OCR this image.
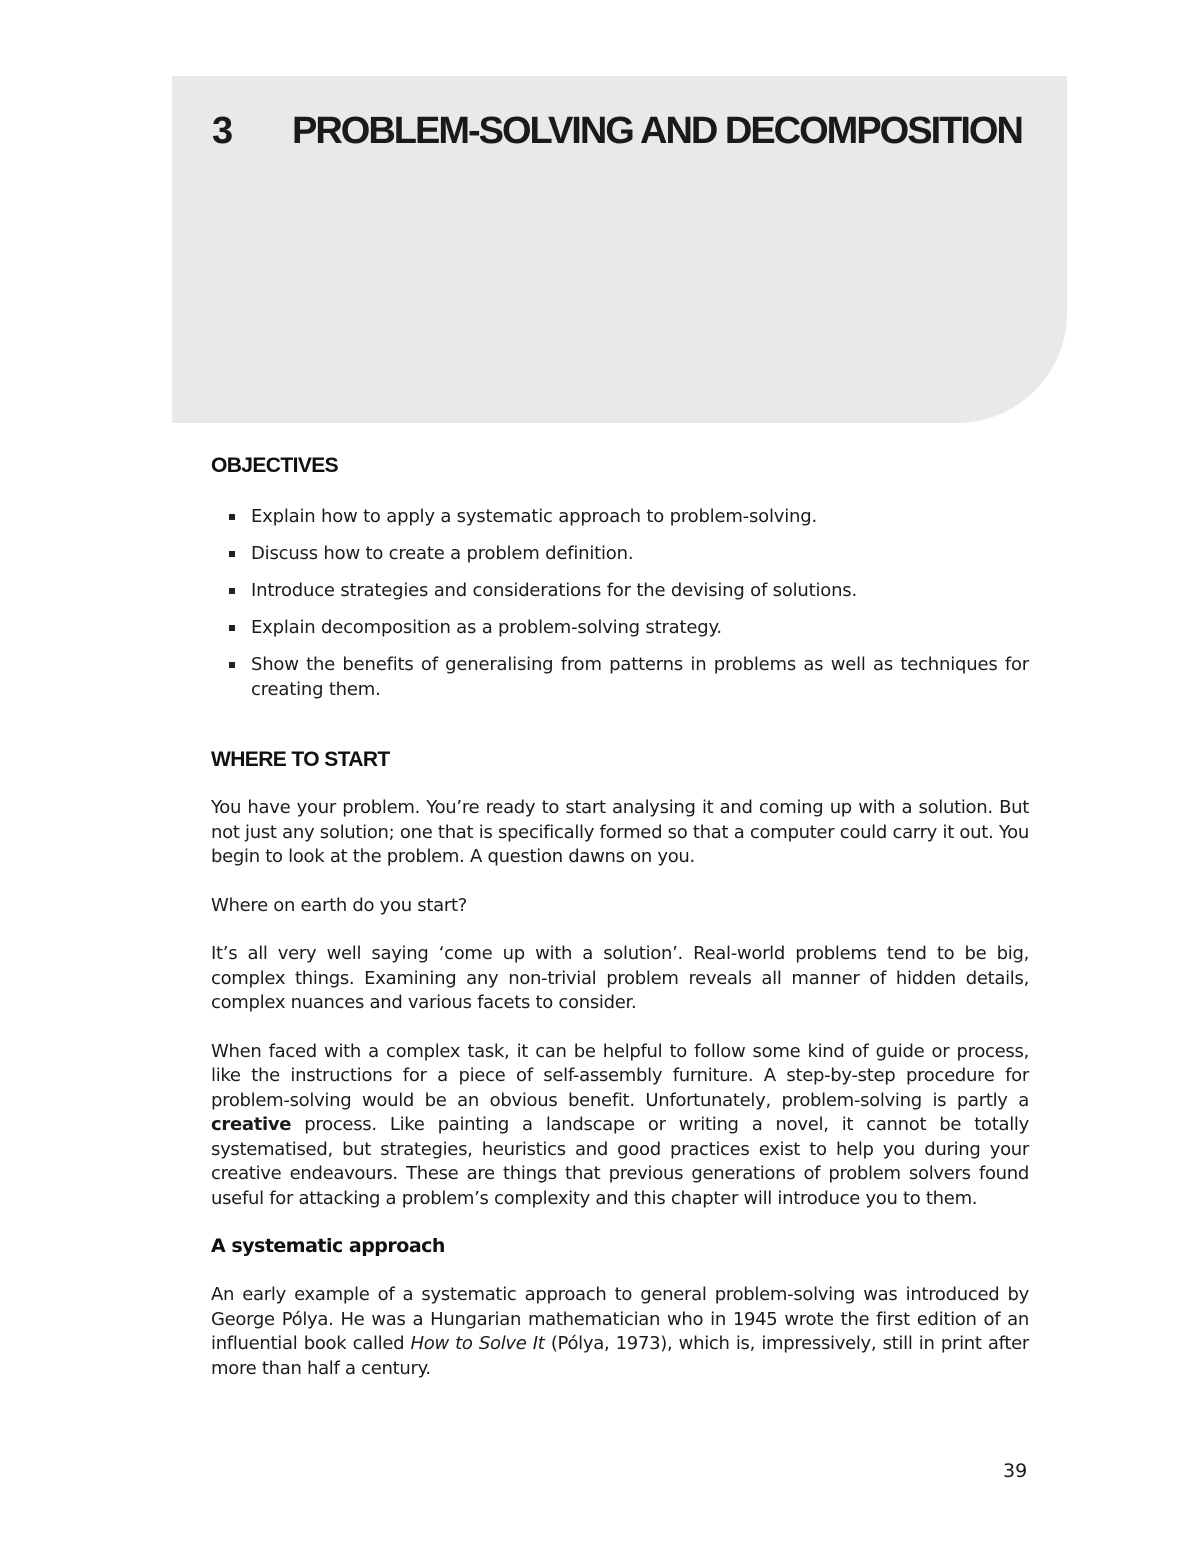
3 PROBLEM-SOLVING AND DECOMPOSITION
OBJECTIVES
Explain how to apply a systematic approach to problem-solving.
Discuss how to create a problem definition.
Introduce strategies and considerations for the devising of solutions.
Explain decomposition as a problem-solving strategy.
Show the benefits of generalising from patterns in problems as well as techniques for creating them.
WHERE TO START

You have your problem. You’re ready to start analysing it and coming up with a solution. But not just any solution; one that is specifically formed so that a computer could carry it out. You begin to look at the problem. A question dawns on you.

Where on earth do you start?

It’s all very well saying ‘come up with a solution’. Real-world problems tend to be big, complex things. Examining any non-trivial problem reveals all manner of hidden details, complex nuances and various facets to consider.

When faced with a complex task, it can be helpful to follow some kind of guide or process, like the instructions for a piece of self-assembly furniture. A step-by-step procedure for problem-solving would be an obvious benefit. Unfortunately, problem-solving is partly a creative process. Like painting a landscape or writing a novel, it cannot be totally systematised, but strategies, heuristics and good practices exist to help you during your creative endeavours. These are things that previous generations of problem solvers found useful for attacking a problem’s complexity and this chapter will introduce you to them.

A systematic approach

An early example of a systematic approach to general problem-solving was introduced by George Pólya. He was a Hungarian mathematician who in 1945 wrote the first edition of an influential book called How to Solve It (Pólya, 1973), which is, impressively, still in print after more than half a century.

39
